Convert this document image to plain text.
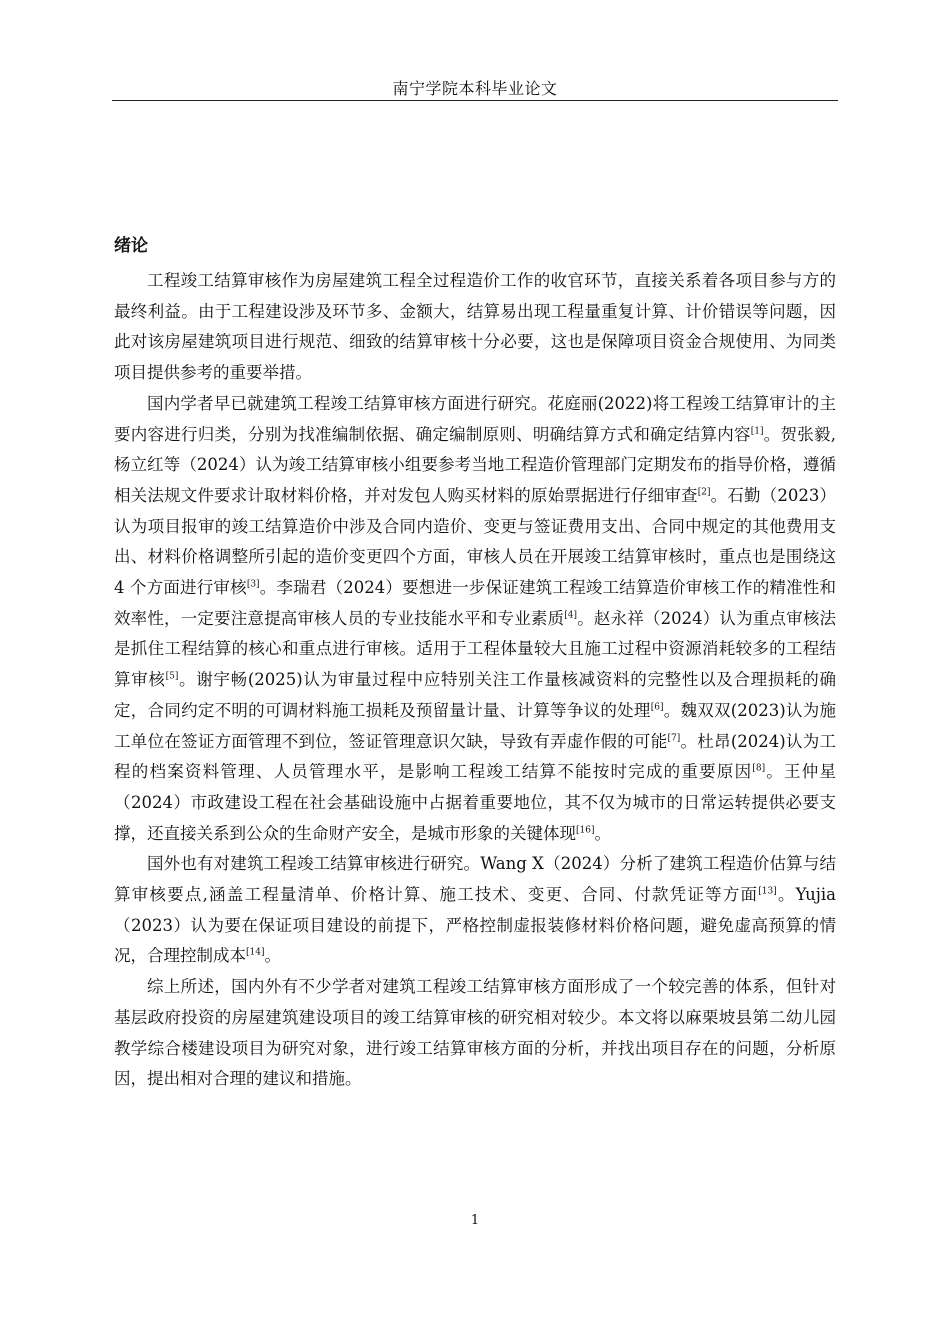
南宁学院本科毕业论文
绪论

工程竣工结算审核作为房屋建筑工程全过程造价工作的收官环节，直接关系着各项目参与方的最终利益。由于工程建设涉及环节多、金额大，结算易出现工程量重复计算、计价错误等问题，因此对该房屋建筑项目进行规范、细致的结算审核十分必要，这也是保障项目资金合规使用、为同类项目提供参考的重要举措。

国内学者早已就建筑工程竣工结算审核方面进行研究。花庭丽(2022)将工程竣工结算审计的主要内容进行归类，分别为找准编制依据、确定编制原则、明确结算方式和确定结算内容[1]。贺张毅,杨立红等（2024）认为竣工结算审核小组要参考当地工程造价管理部门定期发布的指导价格，遵循相关法规文件要求计取材料价格，并对发包人购买材料的原始票据进行仔细审查[2]。石勤（2023）认为项目报审的竣工结算造价中涉及合同内造价、变更与签证费用支出、合同中规定的其他费用支出、材料价格调整所引起的造价变更四个方面，审核人员在开展竣工结算审核时，重点也是围绕这 4 个方面进行审核[3]。李瑞君（2024）要想进一步保证建筑工程竣工结算造价审核工作的精准性和效率性，一定要注意提高审核人员的专业技能水平和专业素质[4]。赵永祥（2024）认为重点审核法是抓住工程结算的核心和重点进行审核。适用于工程体量较大且施工过程中资源消耗较多的工程结算审核[5]。谢宇畅(2025)认为审量过程中应特别关注工作量核减资料的完整性以及合理损耗的确定，合同约定不明的可调材料施工损耗及预留量计量、计算等争议的处理[6]。魏双双(2023)认为施工单位在签证方面管理不到位，签证管理意识欠缺，导致有弄虚作假的可能[7]。杜昂(2024)认为工程的档案资料管理、人员管理水平，是影响工程竣工结算不能按时完成的重要原因[8]。王仲星（2024）市政建设工程在社会基础设施中占据着重要地位，其不仅为城市的日常运转提供必要支撑，还直接关系到公众的生命财产安全，是城市形象的关键体现[16]。

国外也有对建筑工程竣工结算审核进行研究。Wang X（2024）分析了建筑工程造价估算与结算审核要点,涵盖工程量清单、价格计算、施工技术、变更、合同、付款凭证等方面[13]。Yujia（2023）认为要在保证项目建设的前提下，严格控制虚报装修材料价格问题，避免虚高预算的情况，合理控制成本[14]。

综上所述，国内外有不少学者对建筑工程竣工结算审核方面形成了一个较完善的体系，但针对基层政府投资的房屋建筑建设项目的竣工结算审核的研究相对较少。本文将以麻栗坡县第二幼儿园教学综合楼建设项目为研究对象，进行竣工结算审核方面的分析，并找出项目存在的问题，分析原因，提出相对合理的建议和措施。

1
